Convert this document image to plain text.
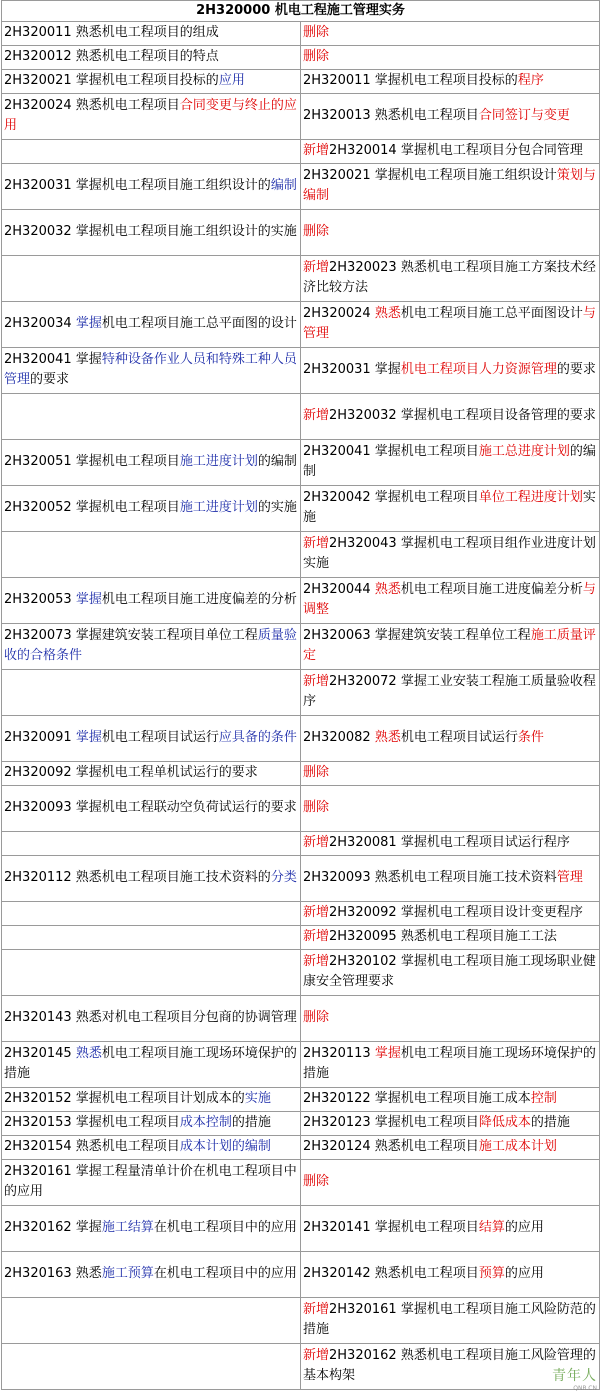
2H320000 机电工程施工管理实务	
2H320011 熟悉机电工程项目的组成	删除
2H320012 熟悉机电工程项目的特点	删除
2H320021 掌握机电工程项目投标的应用	2H320011 掌握机电工程项目投标的程序
2H320024 熟悉机电工程项目合同变更与终止的应用	2H320013 熟悉机电工程项目合同签订与变更
	新增2H320014 掌握机电工程项目分包合同管理
2H320031 掌握机电工程项目施工组织设计的编制	2H320021 掌握机电工程项目施工组织设计策划与编制
2H320032 掌握机电工程项目施工组织设计的实施	删除
	新增2H320023 熟悉机电工程项目施工方案技术经济比较方法
2H320034 掌握机电工程项目施工总平面图的设计	2H320024 熟悉机电工程项目施工总平面图设计与管理
2H320041 掌握特种设备作业人员和特殊工种人员管理的要求	2H320031 掌握机电工程项目人力资源管理的要求
	新增2H320032 掌握机电工程项目设备管理的要求
2H320051 掌握机电工程项目施工进度计划的编制	2H320041 掌握机电工程项目施工总进度计划的编制
2H320052 掌握机电工程项目施工进度计划的实施	2H320042 掌握机电工程项目单位工程进度计划实施
	新增2H320043 掌握机电工程项目组作业进度计划实施
2H320053 掌握机电工程项目施工进度偏差的分析	2H320044 熟悉机电工程项目施工进度偏差分析与调整
2H320073 掌握建筑安装工程项目单位工程质量验收的合格条件	2H320063 掌握建筑安装工程单位工程施工质量评定
	新增2H320072 掌握工业安装工程施工质量验收程序
2H320091 掌握机电工程项目试运行应具备的条件	2H320082 熟悉机电工程项目试运行条件
2H320092 掌握机电工程单机试运行的要求	删除
2H320093 掌握机电工程联动空负荷试运行的要求	删除
	新增2H320081 掌握机电工程项目试运行程序
2H320112 熟悉机电工程项目施工技术资料的分类	2H320093 熟悉机电工程项目施工技术资料管理
	新增2H320092 掌握机电工程项目设计变更程序
	新增2H320095 熟悉机电工程项目施工工法
	新增2H320102 掌握机电工程项目施工现场职业健康安全管理要求
2H320143 熟悉对机电工程项目分包商的协调管理	删除
2H320145 熟悉机电工程项目施工现场环境保护的措施	2H320113 掌握机电工程项目施工现场环境保护的措施
2H320152 掌握机电工程项目计划成本的实施	2H320122 掌握机电工程项目施工成本控制
2H320153 掌握机电工程项目成本控制的措施	2H320123 掌握机电工程项目降低成本的措施
2H320154 熟悉机电工程项目成本计划的编制	2H320124 熟悉机电工程项目施工成本计划
2H320161 掌握工程量清单计价在机电工程项目中的应用	删除
2H320162 掌握施工结算在机电工程项目中的应用	2H320141 掌握机电工程项目结算的应用
2H320163 熟悉施工预算在机电工程项目中的应用	2H320142 熟悉机电工程项目预算的应用
	新增2H320161 掌握机电工程项目施工风险防范的措施
	新增2H320162 熟悉机电工程项目施工风险管理的基本构架	青年人
QNR.CN
